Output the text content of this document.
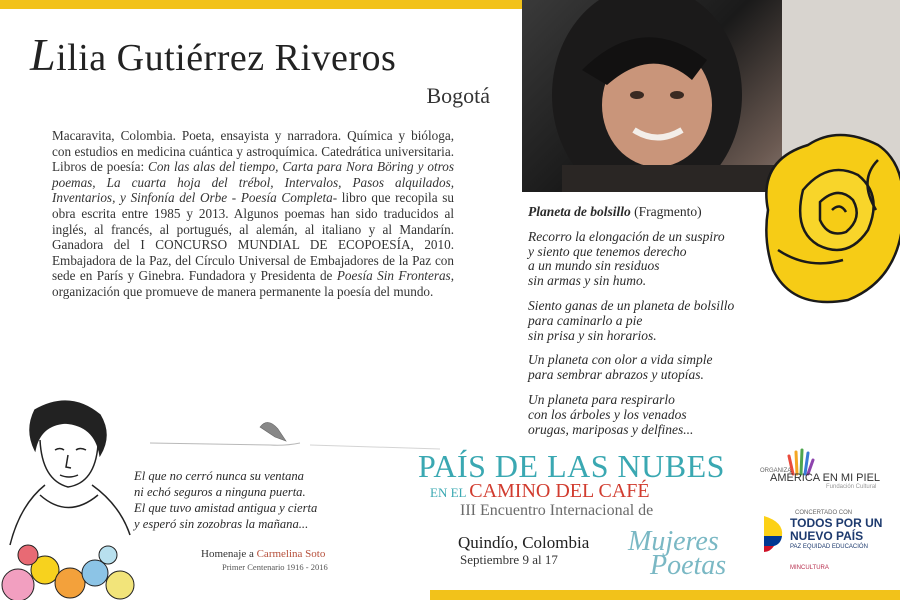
Lilia Gutiérrez Riveros
Bogotá
Macaravita, Colombia. Poeta, ensayista y narradora. Química y bióloga, con estudios en medicina cuántica y astroquímica. Catedrática universitaria. Libros de poesía: Con las alas del tiempo, Carta para Nora Böring y otros poemas, La cuarta hoja del trébol, Intervalos, Pasos alquilados, Inventarios, y Sinfonía del Orbe - Poesía Completa- libro que recopila su obra escrita entre 1985 y 2013. Algunos poemas han sido traducidos al inglés, al francés, al portugués, al alemán, al italiano y al Mandarín. Ganadora del I CONCURSO MUNDIAL DE ECOPOESÍA, 2010. Embajadora de la Paz, del Círculo Universal de Embajadores de la Paz con sede en París y Ginebra. Fundadora y Presidenta de Poesía Sin Fronteras, organización que promueve de manera permanente la poesía del mundo.
Planeta de bolsillo (Fragmento)
Recorro la elongación de un suspiro
y siento que tenemos derecho
a un mundo sin residuos
sin armas y sin humo.
Siento ganas de un planeta de bolsillo
para caminarlo a pie
sin prisa y sin horarios.
Un planeta con olor a vida simple
para sembrar abrazos y utopías.
Un planeta para respirarlo
con los árboles y los venados
orugas, mariposas y delfines...
El que no cerró nunca su ventana
ni echó seguros a ninguna puerta.
El que tuvo amistad antigua y cierta
y esperó sin zozobras la mañana...
Homenaje a Carmelina Soto
Primer Centenario 1916 - 2016
PAÍS DE LAS NUBES
EN EL CAMINO DEL CAFÉ
III Encuentro Internacional de
Quindío, Colombia
Septiembre 9 al 17
Mujeres
Poetas
ORGANIZA
AMÉRICA EN MI PIEL
Fundación Cultural
CONCERTADO CON
TODOS POR UN
NUEVO PAÍS
PAZ EQUIDAD EDUCACIÓN
MINCULTURA
